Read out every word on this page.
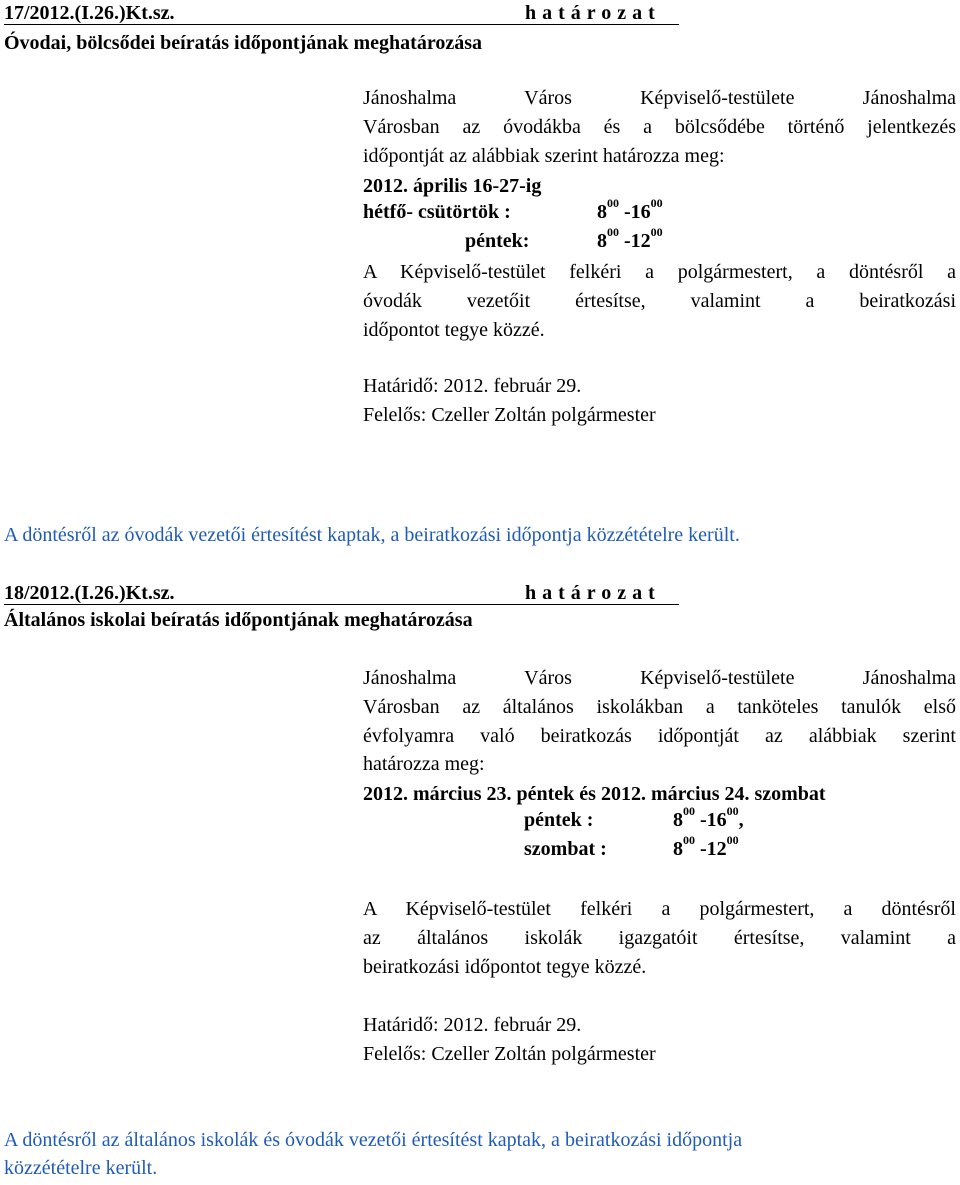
17/2012.(I.26.)Kt.sz.	h a t á r o z a t
Óvodai, bölcsődei beíratás időpontjának meghatározása

Jánoshalma Város Képviselő-testülete Jánoshalma

Városban az óvodákba és a bölcsődébe történő jelentkezés

időpontját az alábbiak szerint határozza meg:

2012. április 16-27-ig
hétfő- csütörtök :	$8^{00}$ $-16^{00}$
péntek:	$8^{00}$ $-12^{00}$

A Képviselő-testület felkéri a polgármestert, a döntésről a

óvodák vezetőit értesítse, valamint a beiratkozási

időpontot tegye közzé.

Határidő: 2012. február 29.
Felelős: Czeller Zoltán polgármester
A döntésről az óvodák vezetői értesítést kaptak, a beiratkozási időpontja közzétételre került.
18/2012.(I.26.)Kt.sz.	h a t á r o z a t
Általános iskolai beíratás időpontjának meghatározása

Jánoshalma Város Képviselő-testülete Jánoshalma

Városban az általános iskolákban a tanköteles tanulók első

évfolyamra való beiratkozás időpontját az alábbiak szerint

határozza meg:

2012. március 23. péntek és 2012. március 24. szombat
péntek :	$8^{00}$ $-16^{00}$,
szombat :	$8^{00}$ $-12^{00}$

A Képviselő-testület felkéri a polgármestert, a döntésről

az általános iskolák igazgatóit értesítse, valamint a

beiratkozási időpontot tegye közzé.

Határidő: 2012. február 29.
Felelős: Czeller Zoltán polgármester
A döntésről az általános iskolák és óvodák vezetői értesítést kaptak, a beiratkozási időpontja
közzétételre került.
